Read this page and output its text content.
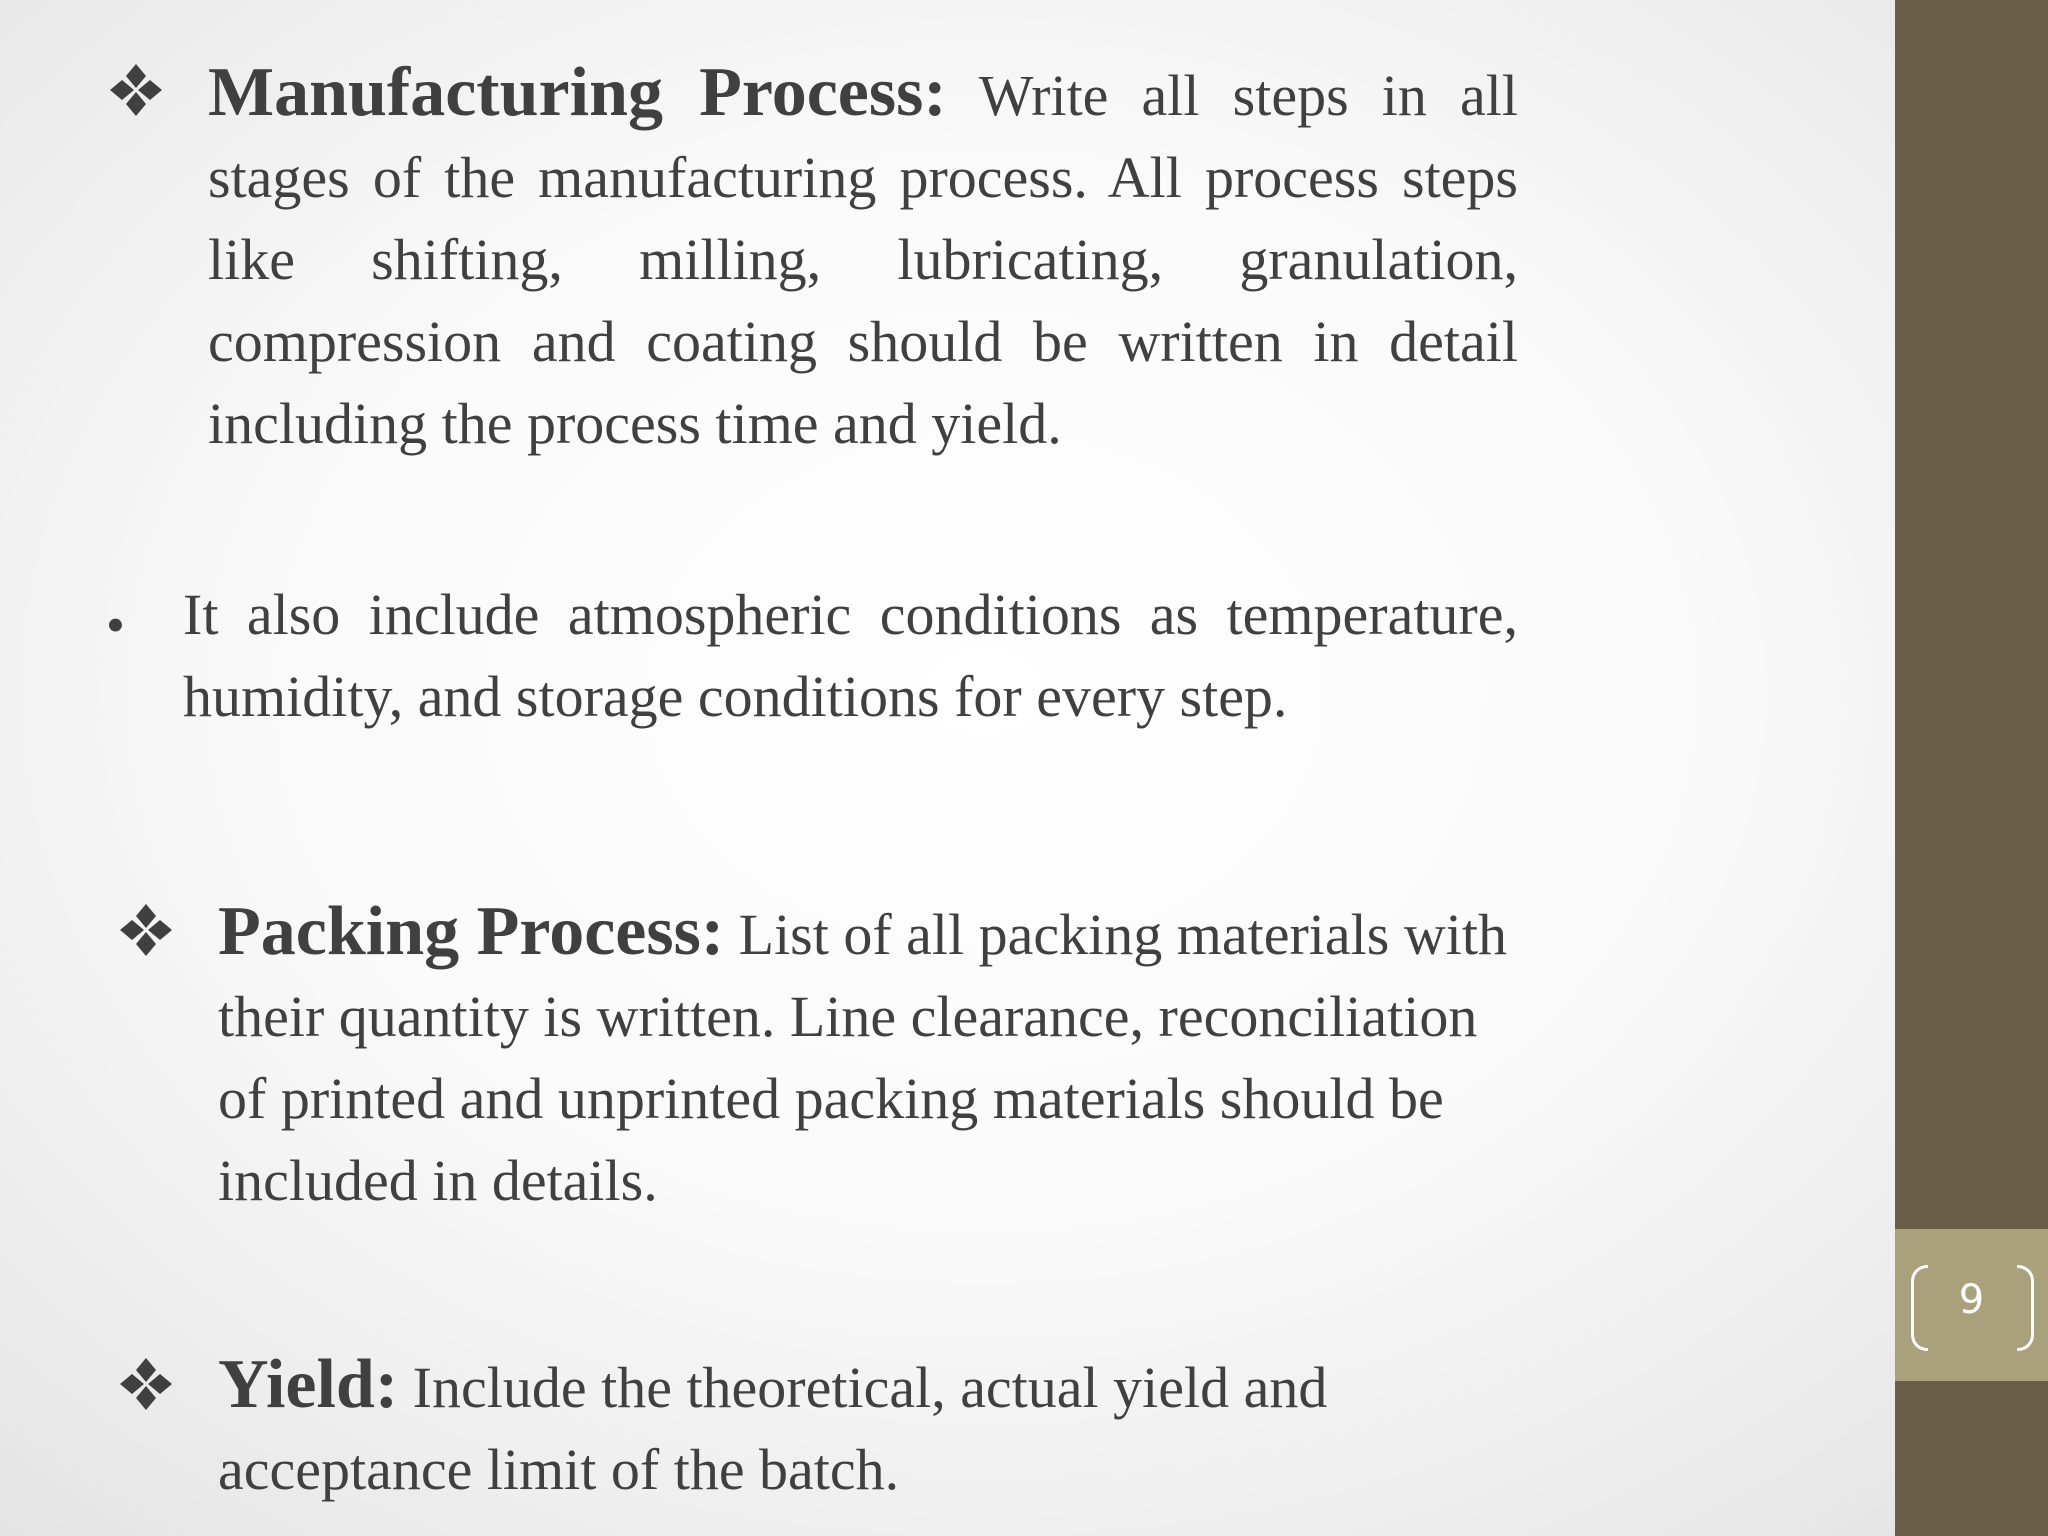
9
Manufacturing Process: Write all steps in all stages of the manufacturing process. All process steps like shifting, milling, lubricating, granulation, compression and coating should be written in detail including the process time and yield.
• It also include atmospheric conditions as temperature, humidity, and storage conditions for every step.
Packing Process: List of all packing materials with their quantity is written. Line clearance, reconciliation of printed and unprinted packing materials should be included in details.
Yield: Include the theoretical, actual yield and acceptance limit of the batch.
